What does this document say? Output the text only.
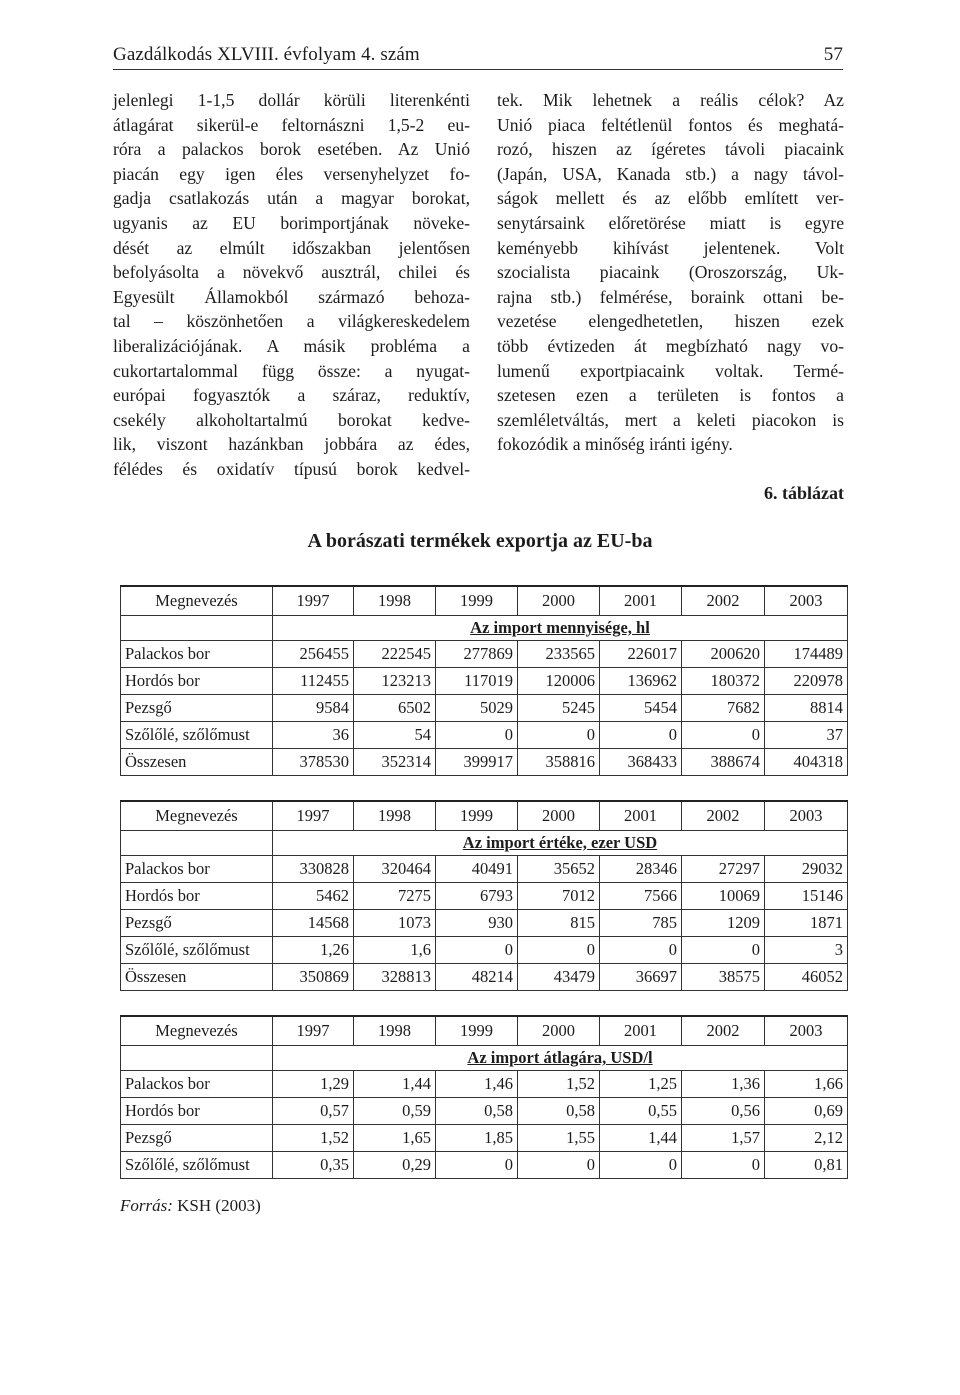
Gazdálkodás XLVIII. évfolyam 4. szám	57

jelenlegi 1-1,5 dollár körüli literenkénti

átlagárat sikerül-e feltornászni 1,5-2 eu-

róra a palackos borok esetében. Az Unió

piacán egy igen éles versenyhelyzet fo-

gadja csatlakozás után a magyar borokat,

ugyanis az EU borimportjának növeke-

dését az elmúlt időszakban jelentősen

befolyásolta a növekvő ausztrál, chilei és

Egyesült Államokból származó behoza-

tal – köszönhetően a világkereskedelem

liberalizációjának. A másik probléma a

cukortartalommal függ össze: a nyugat-

európai fogyasztók a száraz, reduktív,

csekély alkoholtartalmú borokat kedve-

lik, viszont hazánkban jobbára az édes,

félédes és oxidatív típusú borok kedvel-

tek. Mik lehetnek a reális célok? Az

Unió piaca feltétlenül fontos és meghatá-

rozó, hiszen az ígéretes távoli piacaink

(Japán, USA, Kanada stb.) a nagy távol-

ságok mellett és az előbb említett ver-

senytársaink előretörése miatt is egyre

keményebb kihívást jelentenek. Volt

szocialista piacaink (Oroszország, Uk-

rajna stb.) felmérése, boraink ottani be-

vezetése elengedhetetlen, hiszen ezek

több évtizeden át megbízható nagy vo-

lumenű exportpiacaink voltak. Termé-

szetesen ezen a területen is fontos a

szemléletváltás, mert a keleti piacokon is

fokozódik a minőség iránti igény.

6. táblázat
A borászati termékek exportja az EU-ba
Megnevezés	1997	1998	1999	2000	2001	2002	2003
	Az import mennyisége, hl						
Palackos bor	256455	222545	277869	233565	226017	200620	174489
Hordós bor	112455	123213	117019	120006	136962	180372	220978
Pezsgő	9584	6502	5029	5245	5454	7682	8814
Szőlőlé, szőlőmust	36	54	0	0	0	0	37
Összesen	378530	352314	399917	358816	368433	388674	404318

Megnevezés	1997	1998	1999	2000	2001	2002	2003
	Az import értéke, ezer USD						
Palackos bor	330828	320464	40491	35652	28346	27297	29032
Hordós bor	5462	7275	6793	7012	7566	10069	15146
Pezsgő	14568	1073	930	815	785	1209	1871
Szőlőlé, szőlőmust	1,26	1,6	0	0	0	0	3
Összesen	350869	328813	48214	43479	36697	38575	46052

Megnevezés	1997	1998	1999	2000	2001	2002	2003
	Az import átlagára, USD/l						
Palackos bor	1,29	1,44	1,46	1,52	1,25	1,36	1,66
Hordós bor	0,57	0,59	0,58	0,58	0,55	0,56	0,69
Pezsgő	1,52	1,65	1,85	1,55	1,44	1,57	2,12
Szőlőlé, szőlőmust	0,35	0,29	0	0	0	0	0,81
Forrás: KSH (2003)
